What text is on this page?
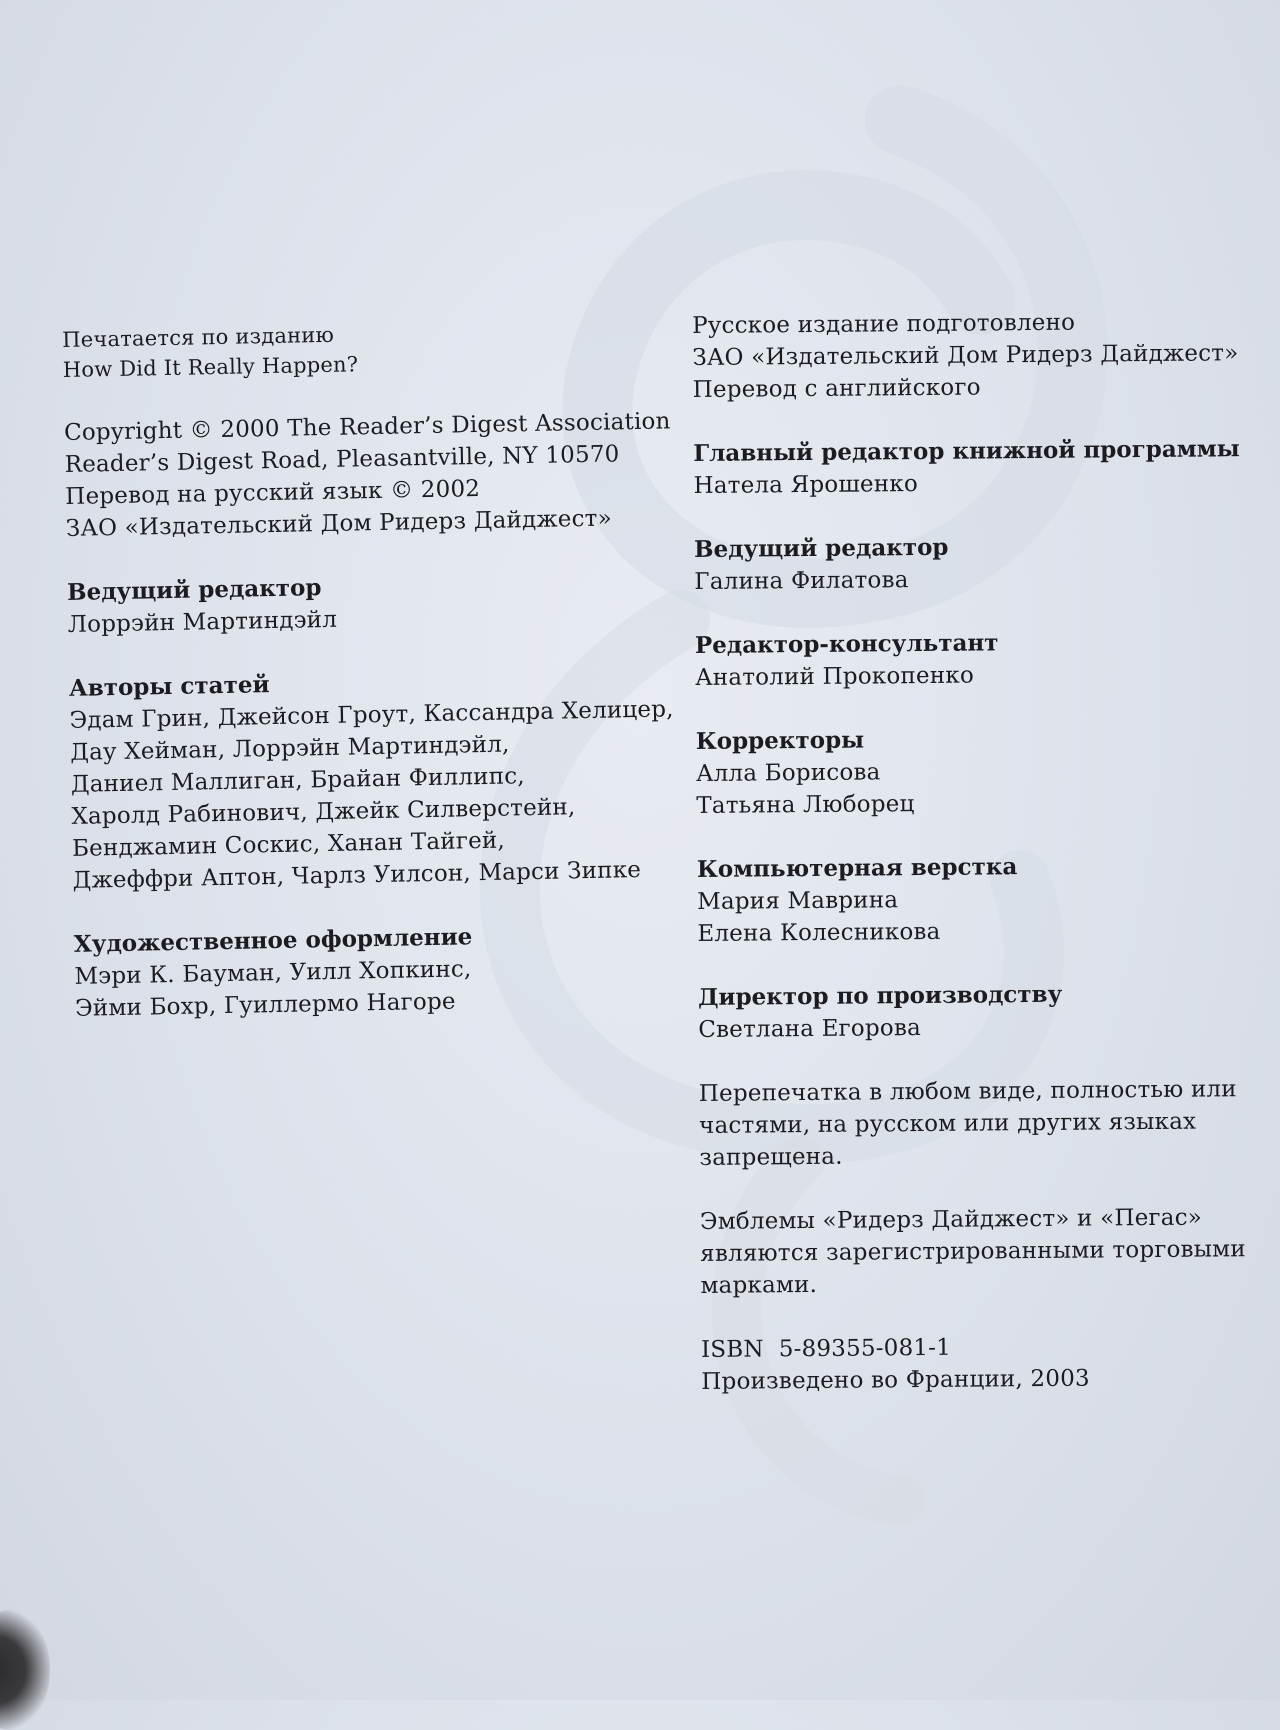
Печатается по изданию
How Did It Really Happen?
Copyright © 2000 The Reader’s Digest Association
Reader’s Digest Road, Pleasantville, NY 10570
Перевод на русский язык © 2002
ЗАО «Издательский Дом Ридерз Дайджест»
Ведущий редактор
Лоррэйн Мартиндэйл
Авторы статей
Эдам Грин, Джейсон Гроут, Кассандра Хелицер,
Дау Хейман, Лоррэйн Мартиндэйл,
Даниел Маллиган, Брайан Филлипс,
Харолд Рабинович, Джейк Силверстейн,
Бенджамин Соскис, Ханан Тайгей,
Джеффри Аптон, Чарлз Уилсон, Марси Зипке
Художественное оформление
Мэри К. Бауман, Уилл Хопкинс,
Эйми Бохр, Гуиллермо Нагоре
Русское издание подготовлено
ЗАО «Издательский Дом Ридерз Дайджест»
Перевод с английского
Главный редактор книжной программы
Натела Ярошенко
Ведущий редактор
Галина Филатова
Редактор-консультант
Анатолий Прокопенко
Корректоры
Алла Борисова
Татьяна Люборец
Компьютерная верстка
Мария Маврина
Елена Колесникова
Директор по производству
Светлана Егорова
Перепечатка в любом виде, полностью или
частями, на русском или других языках
запрещена.
Эмблемы «Ридерз Дайджест» и «Пегас»
являются зарегистрированными торговыми
марками.
ISBN  5-89355-081-1
Произведено во Франции, 2003
